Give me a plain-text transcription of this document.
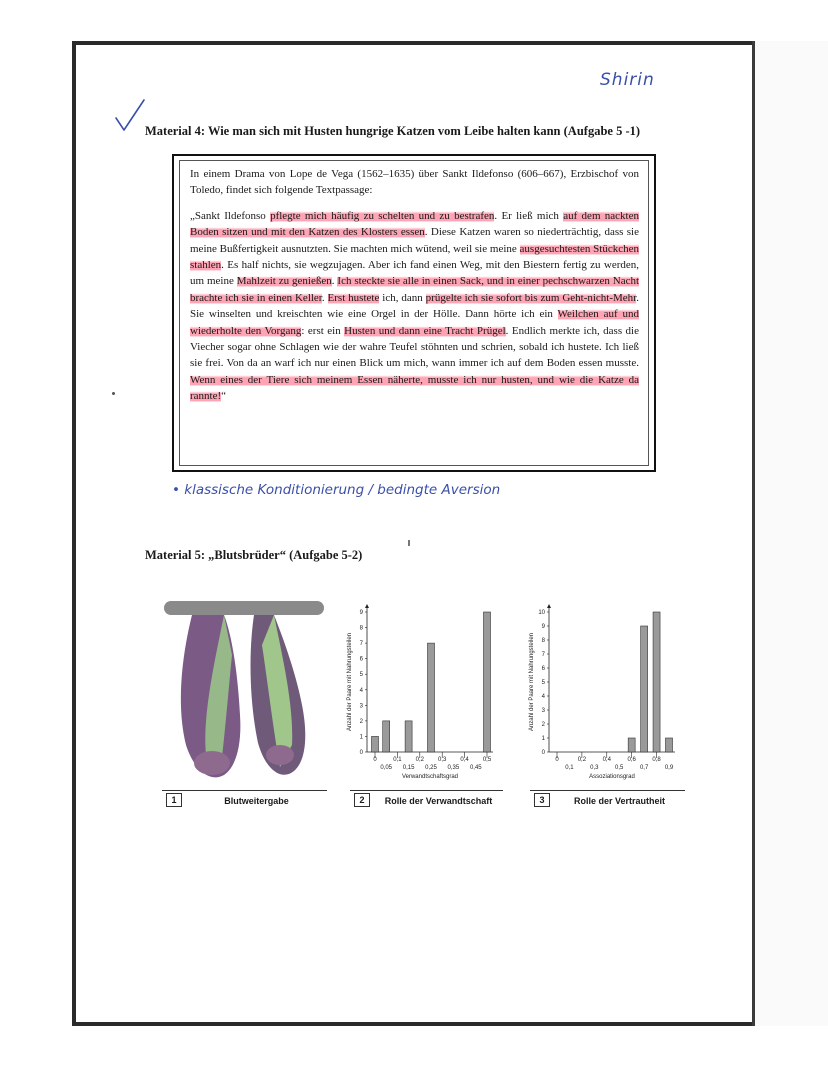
Shirin
Material 4: Wie man sich mit Husten hungrige Katzen vom Leibe halten kann (Aufgabe 5 -1)

In einem Drama von Lope de Vega (1562–1635) über Sankt Ildefonso (606–667), Erzbischof von Toledo, findet sich folgende Textpassage:

„Sankt Ildefonso pflegte mich häufig zu schelten und zu bestrafen. Er ließ mich auf dem nackten Boden sitzen und mit den Katzen des Klosters essen. Diese Katzen waren so niederträchtig, dass sie meine Bußfertigkeit ausnutzten. Sie machten mich wütend, weil sie meine ausgesuchtesten Stückchen stahlen. Es half nichts, sie wegzujagen. Aber ich fand einen Weg, mit den Biestern fertig zu werden, um meine Mahlzeit zu genießen. Ich steckte sie alle in einen Sack, und in einer pechschwarzen Nacht brachte ich sie in einen Keller. Erst hustete ich, dann prügelte ich sie sofort bis zum Geht-nicht-Mehr. Sie winselten und kreischten wie eine Orgel in der Hölle. Dann hörte ich ein Weilchen auf und wiederholte den Vorgang: erst ein Husten und dann eine Tracht Prügel. Endlich merkte ich, dass die Viecher sogar ohne Schlagen wie der wahre Teufel stöhnten und schrien, sobald ich hustete. Ich ließ sie frei. Von da an warf ich nur einen Blick um mich, wann immer ich auf dem Boden essen musste. Wenn eines der Tiere sich meinem Essen näherte, musste ich nur husten, und wie die Katze da rannte!“

• klassische Konditionierung / bedingte Aversion
Material 5: „Blutsbrüder“ (Aufgabe 5-2)
0
1
2
3
4
5
6
7
8
9
0	0,1 0,2 0,3 0,4 0,5
0,05 0,15 0,25 0,35 0,45
Verwandtschaftsgrad
Anzahl der Paare mit Nahrungsteilen
0
1
2
3
4
5
6
7
8
9
10
0	0,2	0,4	0,6	0,8
0,1	0,3	0,5	0,7	0,9
Assoziationsgrad
Anzahl der Paare mit Nahrungsteilen
1	Blutweitergabe	2	Rolle der Verwandtschaft	3	Rolle der Vertrautheit
